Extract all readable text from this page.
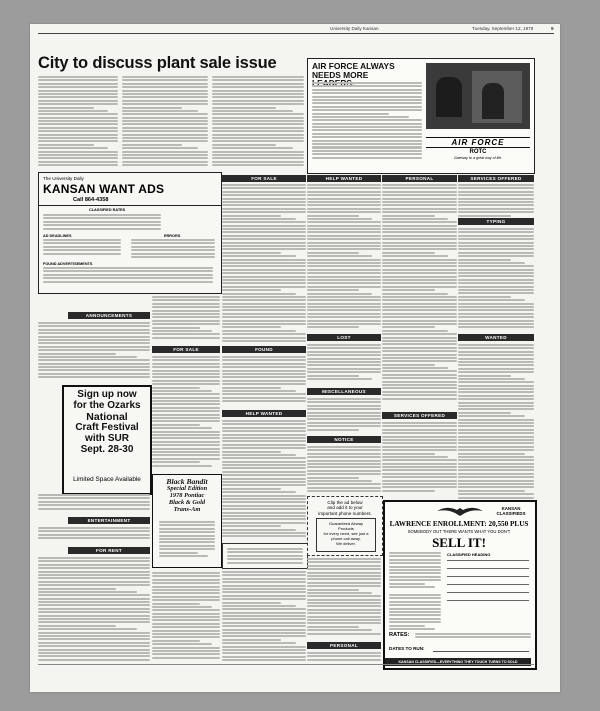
University Daily Kansan	Tuesday, September 12, 1978	9
City to discuss plant sale issue	AIR FORCE ALWAYS NEEDS MORE
AIR FORCE
ROTC
Gateway to a great way of life.
The University Daily
KANSAN WANT ADS
Call 864-4358
CLASSIFIED RATES
AD DEADLINES	ERRORS
FOUND ADVERTISEMENTS
FOR SALE	HELP WANTED	PERSONAL	SERVICES OFFERED
TYPING
WANTED
ANNOUNCEMENTS
Sign up now
for the Ozarks
National
Craft Festival
with SUR
Sept. 28-30
Limited Space Available
ENTERTAINMENT
FOR RENT
FOR SALE
Black Bandit
Special Edition
1978 Pontiac
Black & Gold
Trans-Am
FOUND
HELP WANTED
LOST
MISCELLANEOUS
NOTICE
Clip the ad below
and add it to your
important phone numbers.
Guaranteed Airway
Products
for every need, see just a
phone call away.
We deliver.
PERSONAL
SERVICES OFFERED
KANSAN CLASSIFIEDS
LAWRENCE ENROLLMENT: 20,550 PLUS
SOMEBODY OUT THERE WANTS WHAT YOU DON'T
SELL IT!
CLASSIFIED HEADING
RATES:
DATES TO RUN:
KANSAN CLASSIFIED—EVERYTHING THEY TOUCH TURNS TO SOLD
